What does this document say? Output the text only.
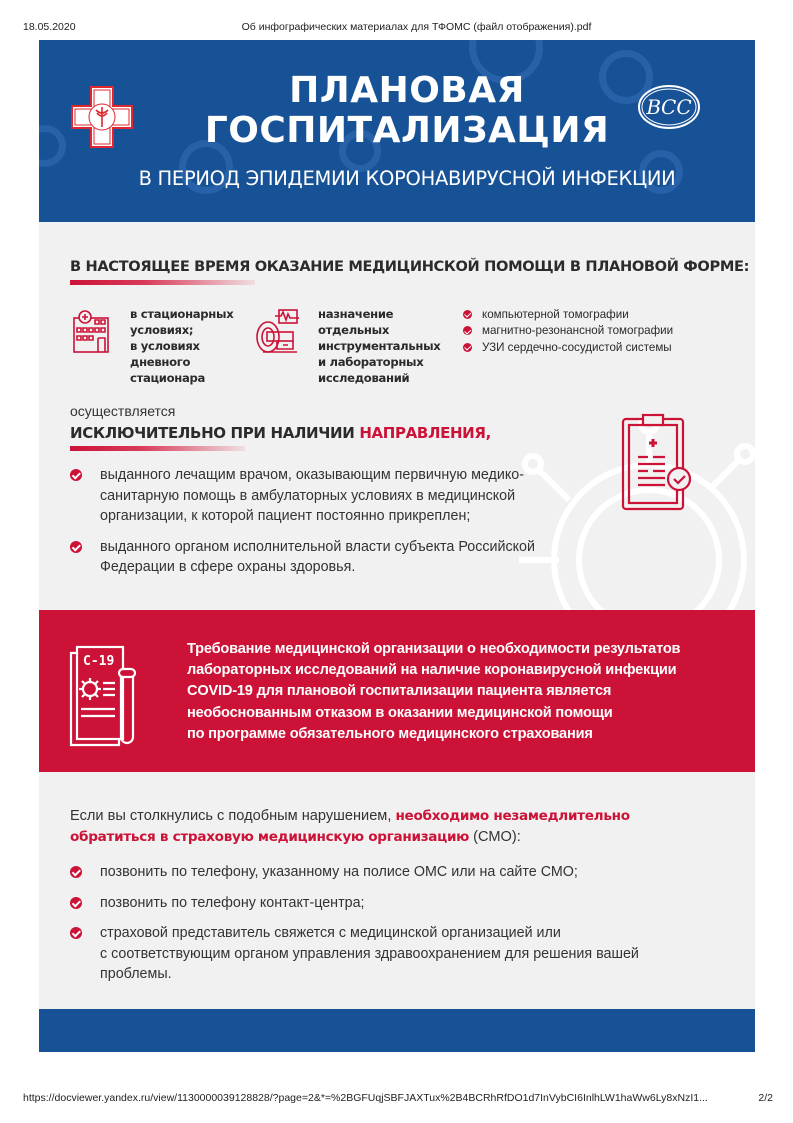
18.05.2020	Об инфографических материалах для ТФОМС (файл отображения).pdf
ПЛАНОВАЯ
ГОСПИТАЛИЗАЦИЯ
В ПЕРИОД ЭПИДЕМИИ КОРОНАВИРУСНОЙ ИНФЕКЦИИ
ВСС
В НАСТОЯЩЕЕ ВРЕМЯ ОКАЗАНИЕ МЕДИЦИНСКОЙ ПОМОЩИ В ПЛАНОВОЙ ФОРМЕ:
в стационарных
условиях;
в условиях
дневного
стационара
назначение
отдельных
инструментальных
и лабораторных
исследований
компьютерной томографии
магнитно-резонансной томографии
УЗИ сердечно-сосудистой системы
осуществляется
ИСКЛЮЧИТЕЛЬНО ПРИ НАЛИЧИИ НАПРАВЛЕНИЯ,
выданного лечащим врачом, оказывающим первичную медико-
санитарную помощь в амбулаторных условиях в медицинской
организации, к которой пациент постоянно прикреплен;
выданного органом исполнительной власти субъекта Российской
Федерации в сфере охраны здоровья.
C-19
Требование медицинской организации о необходимости результатов
лабораторных исследований на наличие коронавирусной инфекции
COVID-19 для плановой госпитализации пациента является
необоснованным отказом в оказании медицинской помощи
по программе обязательного медицинского страхования
Если вы столкнулись с подобным нарушением, необходимо незамедлительно
обратиться в страховую медицинскую организацию (СМО):
позвонить по телефону, указанному на полисе ОМС или на сайте СМО;
позвонить по телефону контакт-центра;
страховой представитель свяжется с медицинской организацией или
с соответствующим органом управления здравоохранением для решения вашей
проблемы.
https://docviewer.yandex.ru/view/1130000039128828/?page=2&*=%2BGFUqjSBFJAXTux%2B4BCRhRfDO1d7InVybCI6InlhLW1haWw6Ly8xNzI1...	2/2
